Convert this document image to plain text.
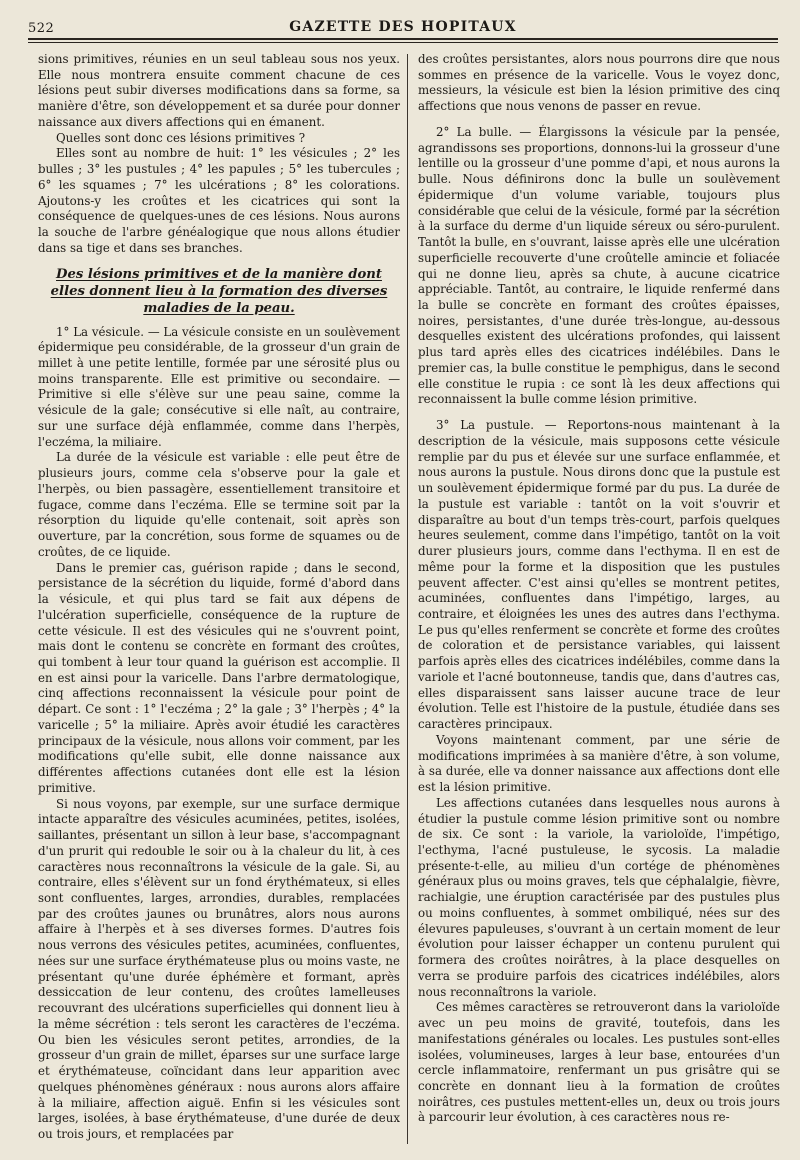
522	GAZETTE DES HOPITAUX

sions primitives, réunies en un seul tableau sous nos yeux. Elle nous montrera ensuite comment chacune de ces lésions peut subir diverses modifications dans sa forme, sa manière d'être, son développement et sa durée pour donner naissance aux divers affections qui en émanent.

Quelles sont donc ces lésions primitives ?

Elles sont au nombre de huit: 1° les vésicules ; 2° les bulles ; 3° les pustules ; 4° les papules ; 5° les tubercules ; 6° les squames ; 7° les ulcérations ; 8° les colorations. Ajoutons-y les croûtes et les cicatrices qui sont la conséquence de quelques-unes de ces lésions. Nous aurons la souche de l'arbre généalogique que nous allons étudier dans sa tige et dans ses branches.

Des lésions primitives et de la manière dont elles donnent lieu à la formation des diverses maladies de la peau.

1° La vésicule. — La vésicule consiste en un soulèvement épidermique peu considérable, de la grosseur d'un grain de millet à une petite lentille, formée par une sérosité plus ou moins transparente. Elle est primitive ou secondaire. — Primitive si elle s'élève sur une peau saine, comme la vésicule de la gale; consécutive si elle naît, au contraire, sur une surface déjà enflammée, comme dans l'herpès, l'eczéma, la miliaire.

La durée de la vésicule est variable : elle peut être de plusieurs jours, comme cela s'observe pour la gale et l'herpès, ou bien passagère, essentiellement transitoire et fugace, comme dans l'eczéma. Elle se termine soit par la résorption du liquide qu'elle contenait, soit après son ouverture, par la concrétion, sous forme de squames ou de croûtes, de ce liquide.

Dans le premier cas, guérison rapide ; dans le second, persistance de la sécrétion du liquide, formé d'abord dans la vésicule, et qui plus tard se fait aux dépens de l'ulcération superficielle, conséquence de la rupture de cette vésicule. Il est des vésicules qui ne s'ouvrent point, mais dont le contenu se concrète en formant des croûtes, qui tombent à leur tour quand la guérison est accomplie. Il en est ainsi pour la varicelle. Dans l'arbre dermatologique, cinq affections reconnaissent la vésicule pour point de départ. Ce sont : 1° l'eczéma ; 2° la gale ; 3° l'herpès ; 4° la varicelle ; 5° la miliaire. Après avoir étudié les caractères principaux de la vésicule, nous allons voir comment, par les modifications qu'elle subit, elle donne naissance aux différentes affections cutanées dont elle est la lésion primitive.

Si nous voyons, par exemple, sur une surface dermique intacte apparaître des vésicules acuminées, petites, isolées, saillantes, présentant un sillon à leur base, s'accompagnant d'un prurit qui redouble le soir ou à la chaleur du lit, à ces caractères nous reconnaîtrons la vésicule de la gale. Si, au contraire, elles s'élèvent sur un fond érythémateux, si elles sont confluentes, larges, arrondies, durables, remplacées par des croûtes jaunes ou brunâtres, alors nous aurons affaire à l'herpès et à ses diverses formes. D'autres fois nous verrons des vésicules petites, acuminées, confluentes, nées sur une surface érythémateuse plus ou moins vaste, ne présentant qu'une durée éphémère et formant, après dessiccation de leur contenu, des croûtes lamelleuses recouvrant des ulcérations superficielles qui donnent lieu à la même sécrétion : tels seront les caractères de l'eczéma. Ou bien les vésicules seront petites, arrondies, de la grosseur d'un grain de millet, éparses sur une surface large et érythémateuse, coïncidant dans leur apparition avec quelques phénomènes généraux : nous aurons alors affaire à la miliaire, affection aiguë. Enfin si les vésicules sont larges, isolées, à base érythémateuse, d'une durée de deux ou trois jours, et remplacées par

des croûtes persistantes, alors nous pourrons dire que nous sommes en présence de la varicelle. Vous le voyez donc, messieurs, la vésicule est bien la lésion primitive des cinq affections que nous venons de passer en revue.

2° La bulle. — Élargissons la vésicule par la pensée, agrandissons ses proportions, donnons-lui la grosseur d'une lentille ou la grosseur d'une pomme d'api, et nous aurons la bulle. Nous définirons donc la bulle un soulèvement épidermique d'un volume variable, toujours plus considérable que celui de la vésicule, formé par la sécrétion à la surface du derme d'un liquide séreux ou séro-purulent. Tantôt la bulle, en s'ouvrant, laisse après elle une ulcération superficielle recouverte d'une croûtelle amincie et foliacée qui ne donne lieu, après sa chute, à aucune cicatrice appréciable. Tantôt, au contraire, le liquide renfermé dans la bulle se concrète en formant des croûtes épaisses, noires, persistantes, d'une durée très-longue, au-dessous desquelles existent des ulcérations profondes, qui laissent plus tard après elles des cicatrices indélébiles. Dans le premier cas, la bulle constitue le pemphigus, dans le second elle constitue le rupia : ce sont là les deux affections qui reconnaissent la bulle comme lésion primitive.

3° La pustule. — Reportons-nous maintenant à la description de la vésicule, mais supposons cette vésicule remplie par du pus et élevée sur une surface enflammée, et nous aurons la pustule. Nous dirons donc que la pustule est un soulèvement épidermique formé par du pus. La durée de la pustule est variable : tantôt on la voit s'ouvrir et disparaître au bout d'un temps très-court, parfois quelques heures seulement, comme dans l'impétigo, tantôt on la voit durer plusieurs jours, comme dans l'ecthyma. Il en est de même pour la forme et la disposition que les pustules peuvent affecter. C'est ainsi qu'elles se montrent petites, acuminées, confluentes dans l'impétigo, larges, au contraire, et éloignées les unes des autres dans l'ecthyma. Le pus qu'elles renferment se concrète et forme des croûtes de coloration et de persistance variables, qui laissent parfois après elles des cicatrices indélébiles, comme dans la variole et l'acné boutonneuse, tandis que, dans d'autres cas, elles disparaissent sans laisser aucune trace de leur évolution. Telle est l'histoire de la pustule, étudiée dans ses caractères principaux.

Voyons maintenant comment, par une série de modifications imprimées à sa manière d'être, à son volume, à sa durée, elle va donner naissance aux affections dont elle est la lésion primitive.

Les affections cutanées dans lesquelles nous aurons à étudier la pustule comme lésion primitive sont ou nombre de six. Ce sont : la variole, la varioloïde, l'impétigo, l'ecthyma, l'acné pustuleuse, le sycosis. La maladie présente-t-elle, au milieu d'un cortége de phénomènes généraux plus ou moins graves, tels que céphalalgie, fièvre, rachialgie, une éruption caractérisée par des pustules plus ou moins confluentes, à sommet ombiliqué, nées sur des élevures papuleuses, s'ouvrant à un certain moment de leur évolution pour laisser échapper un contenu purulent qui formera des croûtes noirâtres, à la place desquelles on verra se produire parfois des cicatrices indélébiles, alors nous reconnaîtrons la variole.

Ces mêmes caractères se retrouveront dans la varioloïde avec un peu moins de gravité, toutefois, dans les manifestations générales ou locales. Les pustules sont-elles isolées, volumineuses, larges à leur base, entourées d'un cercle inflammatoire, renfermant un pus grisâtre qui se concrète en donnant lieu à la formation de croûtes noirâtres, ces pustules mettent-elles un, deux ou trois jours à parcourir leur évolution, à ces caractères nous re-
